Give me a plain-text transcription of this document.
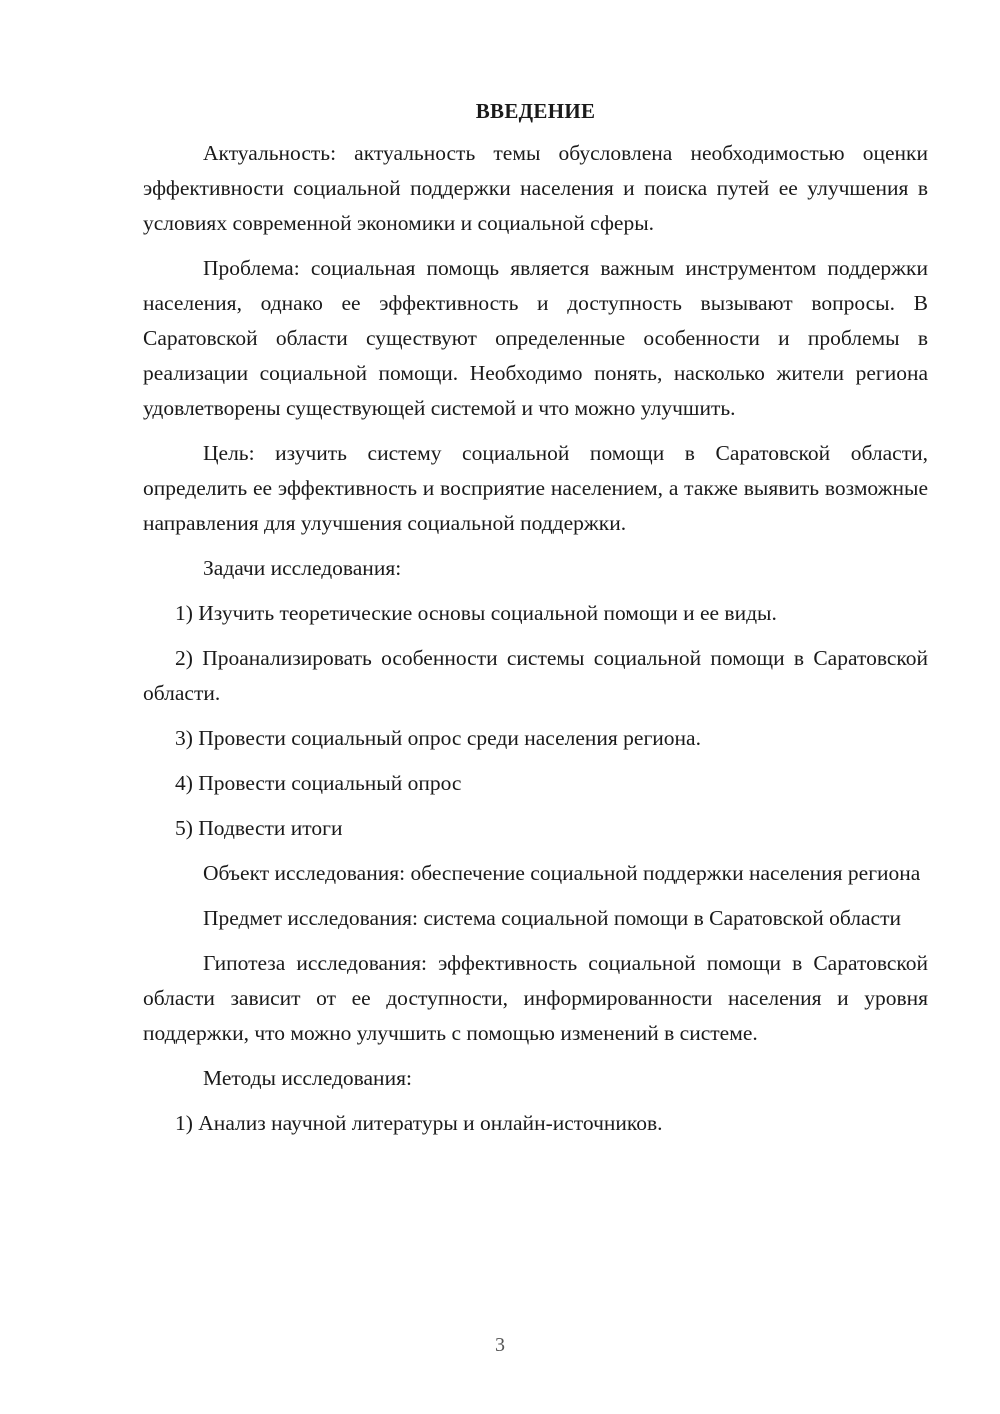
ВВЕДЕНИЕ

Актуальность: актуальность темы обусловлена необходимостью оценки эффективности социальной поддержки населения и поиска путей ее улучшения в условиях современной экономики и социальной сферы.

Проблема: социальная помощь является важным инструментом поддержки населения, однако ее эффективность и доступность вызывают вопросы. В Саратовской области существуют определенные особенности и проблемы в реализации социальной помощи. Необходимо понять, насколько жители региона удовлетворены существующей системой и что можно улучшить.

Цель: изучить систему социальной помощи в Саратовской области, определить ее эффективность и восприятие населением, а также выявить возможные направления для улучшения социальной поддержки.

Задачи исследования:

1) Изучить теоретические основы социальной помощи и ее виды.

2) Проанализировать особенности системы социальной помощи в Саратовской области.

3) Провести социальный опрос среди населения региона.

4) Провести социальный опрос

5) Подвести итоги

Объект исследования: обеспечение социальной поддержки населения региона

Предмет исследования: система социальной помощи в Саратовской области

Гипотеза исследования: эффективность социальной помощи в Саратовской области зависит от ее доступности, информированности населения и уровня поддержки, что можно улучшить с помощью изменений в системе.

Методы исследования:

1) Анализ научной литературы и онлайн-источников.

3
